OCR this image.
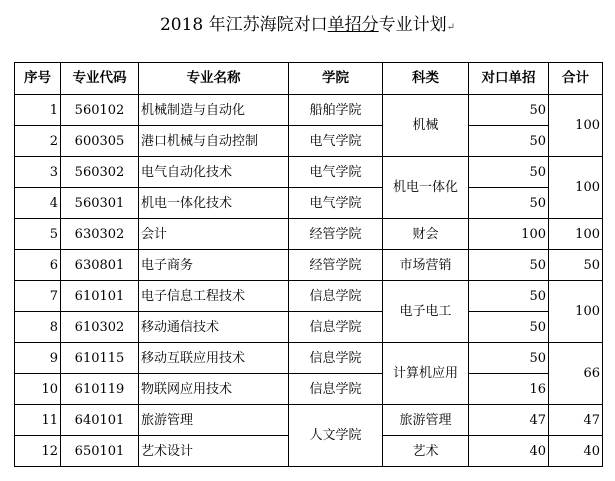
2018 年江苏海院对口单招分专业计划↵
序号	专业代码	专业名称	学院	科类	对口单招	合计
1	560102	机械制造与自动化	船舶学院	机械	50	100
2	600305	港口机械与自动控制	电气学院		50	
3	560302	电气自动化技术	电气学院	机电一体化	50	100
4	560301	机电一体化技术	电气学院		50	
5	630302	会计	经管学院	财会	100	100
6	630801	电子商务	经管学院	市场营销	50	50
7	610101	电子信息工程技术	信息学院	电子电工	50	100
8	610302	移动通信技术	信息学院		50	
9	610115	移动互联应用技术	信息学院	计算机应用	50	66
10	610119	物联网应用技术	信息学院		16	
11	640101	旅游管理	人文学院	旅游管理	47	47
12	650101	艺术设计		艺术	40	40
